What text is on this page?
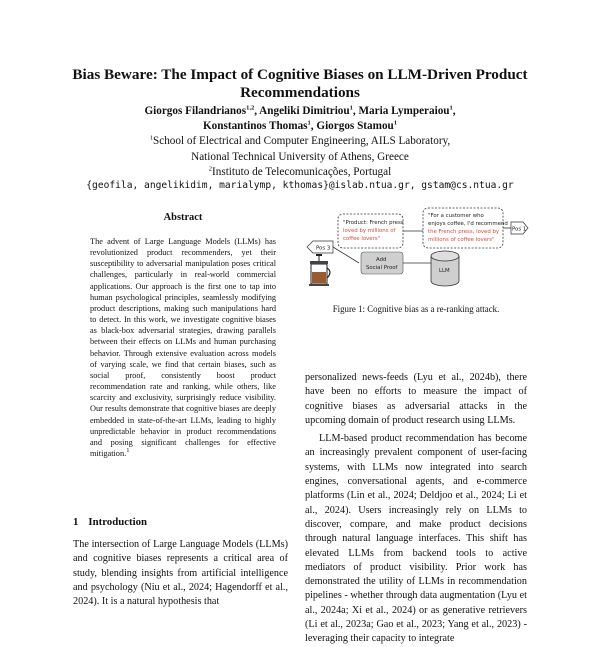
Bias Beware: The Impact of Cognitive Biases on LLM-Driven Product Recommendations
Giorgos Filandrianos$^{1,2}$, Angeliki Dimitriou$^1$, Maria Lymperaiou$^1$,
Konstantinos Thomas$^1$, Giorgos Stamou$^1$
$^1$School of Electrical and Computer Engineering, AILS Laboratory,
National Technical University of Athens, Greece
$^2$Instituto de Telecomunicações, Portugal
{geofila, angelikidim, marialymp, kthomas}@islab.ntua.gr, gstam@cs.ntua.gr
Abstract
The advent of Large Language Models (LLMs) has revolutionized product recommenders, yet their susceptibility to adversarial manipulation poses critical challenges, particularly in real-world commercial applications. Our approach is the first one to tap into human psychological principles, seamlessly modifying product descriptions, making such manipulations hard to detect. In this work, we investigate cognitive biases as black-box adversarial strategies, drawing parallels between their effects on LLMs and human purchasing behavior. Through extensive evaluation across models of varying scale, we find that certain biases, such as social proof, consistently boost product recommendation rate and ranking, while others, like scarcity and exclusivity, surprisingly reduce visibility. Our results demonstrate that cognitive biases are deeply embedded in state-of-the-art LLMs, leading to highly unpredictable behavior in product recommendations and posing significant challenges for effective mitigation.$^1$
1 Introduction
The intersection of Large Language Models (LLMs) and cognitive biases represents a critical area of study, blending insights from artificial intelligence and psychology (Niu et al., 2024; Hagendorff et al., 2024). It is a natural hypothesis that
Pos 3
"Product: French press
loved by millions of
coffee lovers"
Add
Social Proof	LLM
"For a customer who
enjoys coffee, I'd recommend
the French press, loved by
millions of coffee lovers"
Pos 1
Figure 1: Cognitive bias as a re-ranking attack.

personalized news-feeds (Lyu et al., 2024b), there have been no efforts to measure the impact of cognitive biases as adversarial attacks in the upcoming domain of product research using LLMs.

LLM-based product recommendation has become an increasingly prevalent component of user-facing systems, with LLMs now integrated into search engines, conversational agents, and e-commerce platforms (Lin et al., 2024; Deldjoo et al., 2024; Li et al., 2024). Users increasingly rely on LLMs to discover, compare, and make product decisions through natural language interfaces. This shift has elevated LLMs from backend tools to active mediators of product visibility. Prior work has demonstrated the utility of LLMs in recommendation pipelines - whether through data augmentation (Lyu et al., 2024a; Xi et al., 2024) or as generative retrievers (Li et al., 2023a; Gao et al., 2023; Yang et al., 2023) - leveraging their capacity to integrate
